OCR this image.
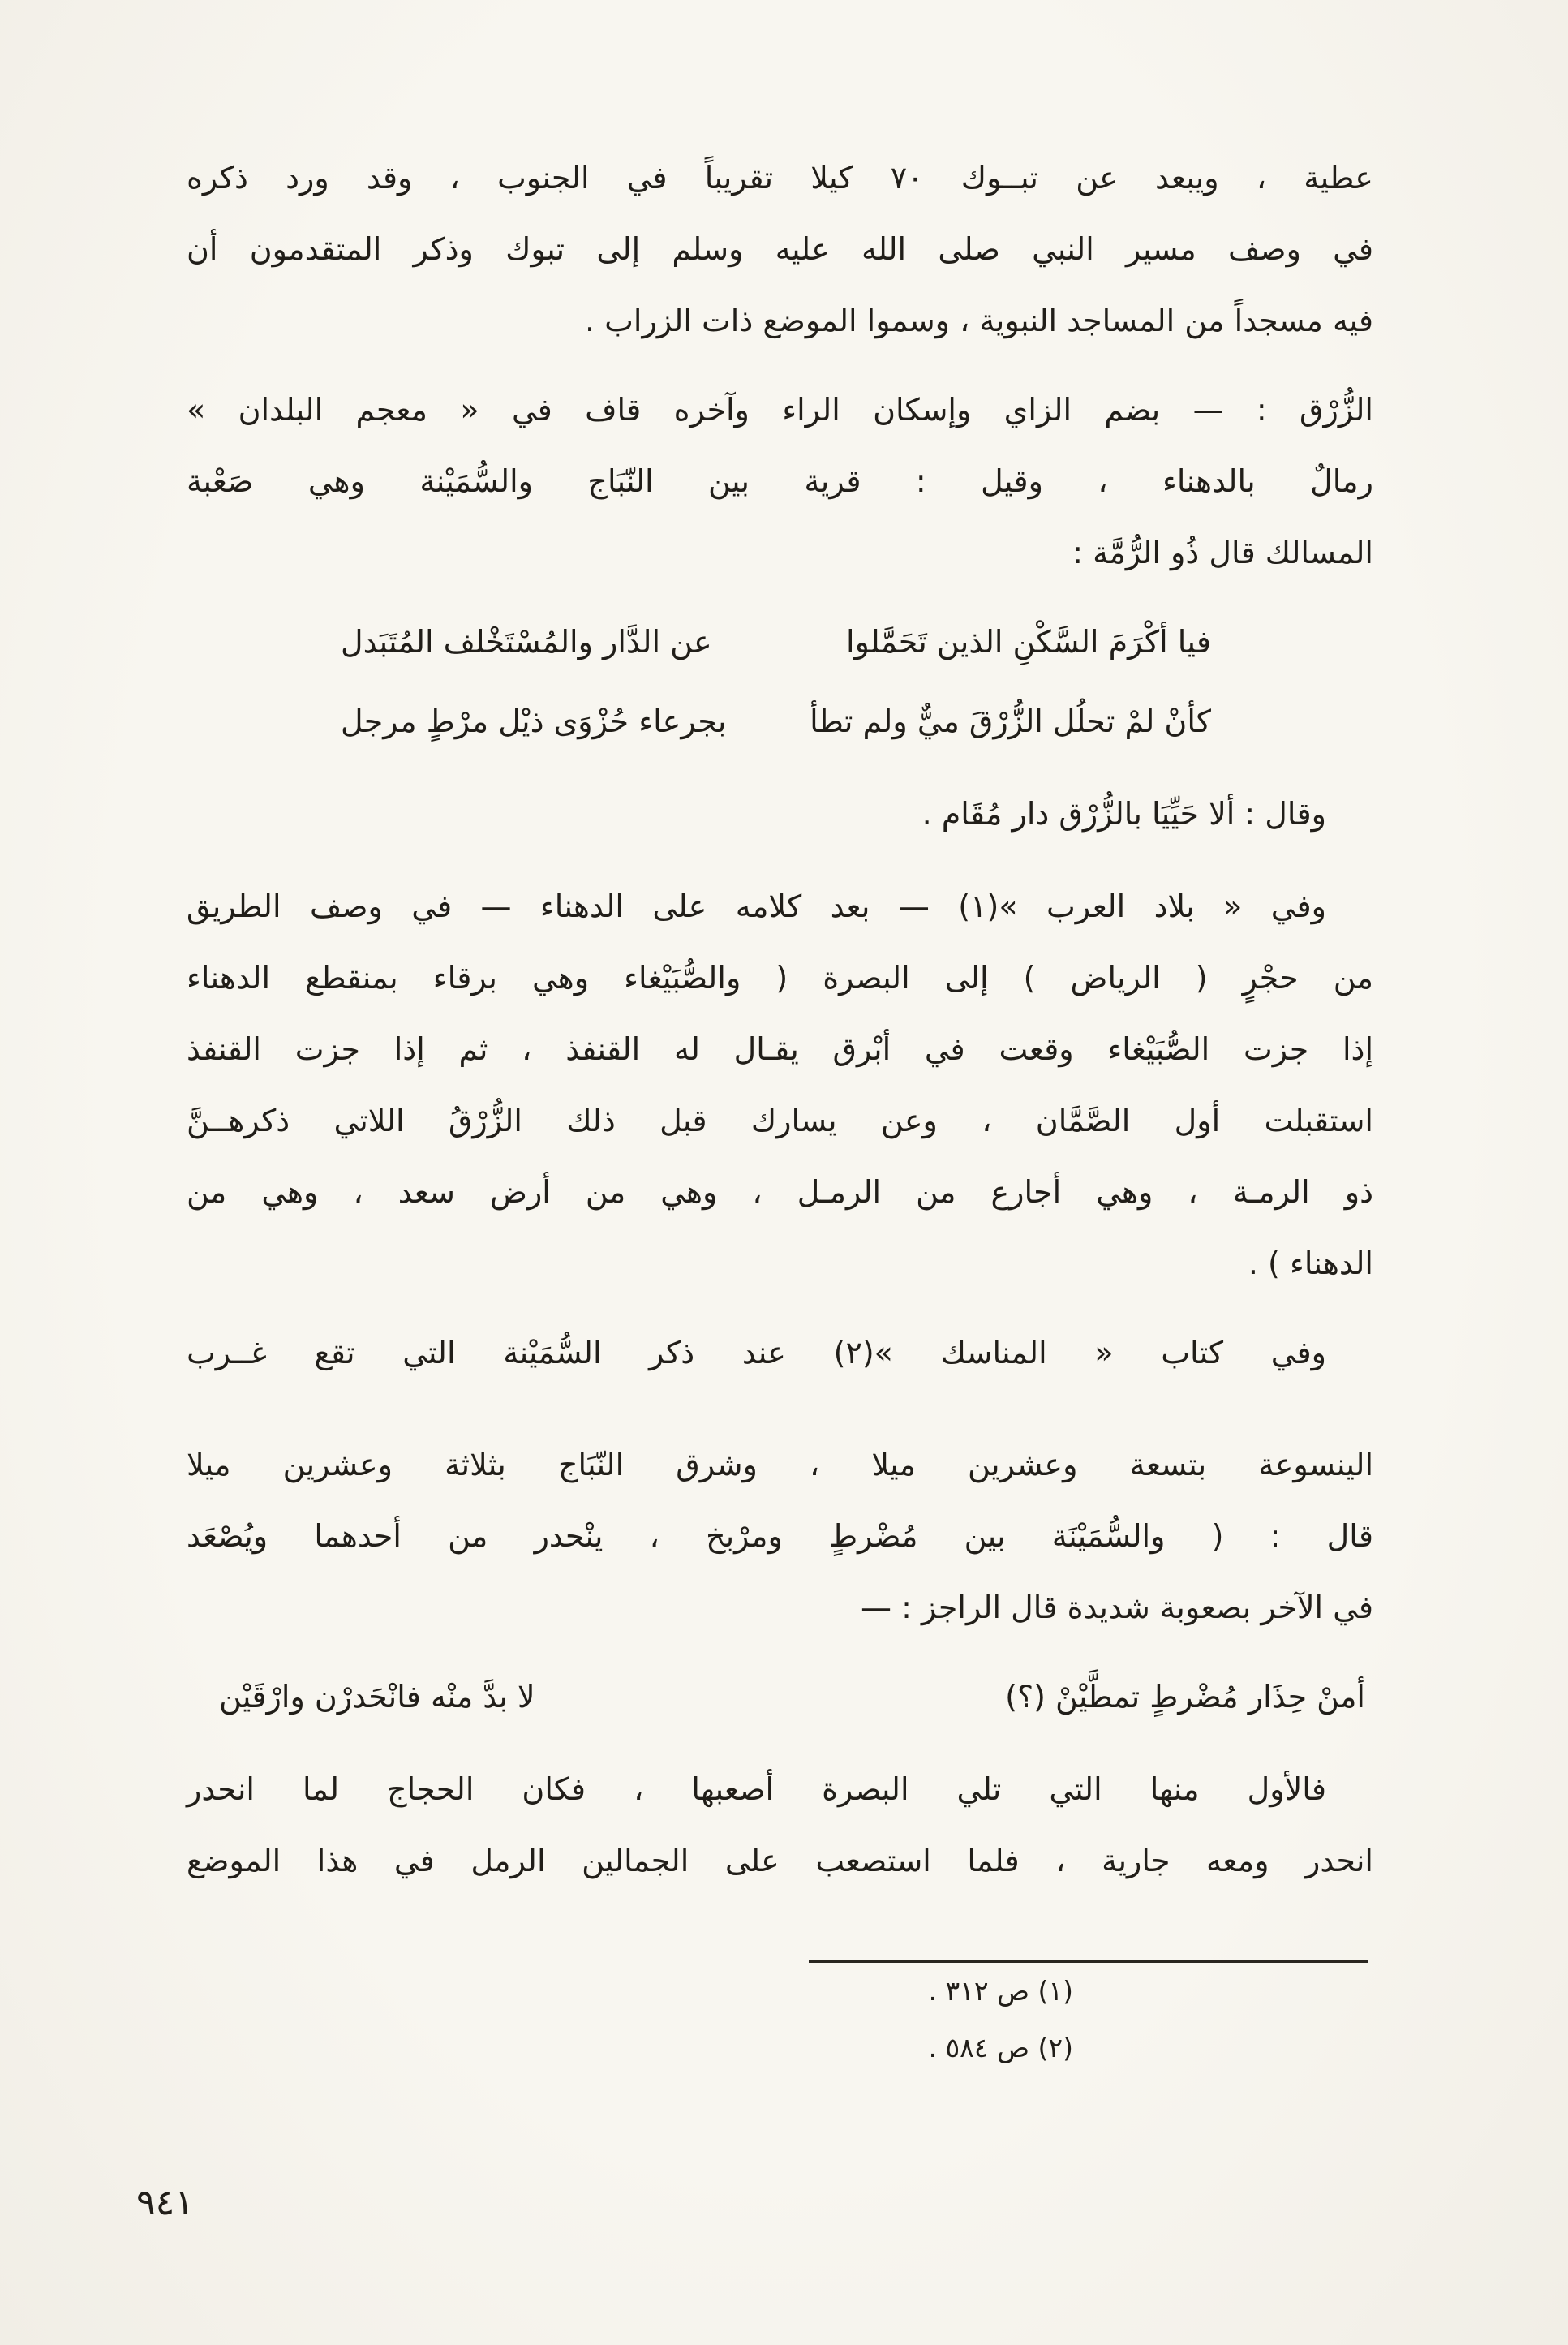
عطية ، ويبعد عن تبــوك ٧٠ كيلا تقريباً في الجنوب ، وقد ورد ذكره
في وصف مسير النبي صلى الله عليه وسلم إلى تبوك وذكر المتقدمون أن
فيه مسجداً من المساجد النبوية ، وسموا الموضع ذات الزراب .
الزُّرْق : — بضم الزاي وإسكان الراء وآخره قاف في « معجم البلدان »
رمالٌ بالدهناء ، وقيل : قرية بين النّبَاج والسُّمَيْنة وهي صَعْبة
المسالك قال ذُو الرُّمَّة :
فيا أكْرَمَ السَّكْنِ الذين تَحَمَّلوا
عن الدَّار والمُسْتَخْلف المُتَبَدل
كأنْ لمْ تحلُل الزُّرْقَ ميٌّ ولم تطأ
بجرعاء حُزْوَى ذيْل مرْطٍ مرجل
وقال : ألا حَيِّيَا بالزُّرْق دار مُقَام .
وفي « بلاد العرب »(١) — بعد كلامه على الدهناء — في وصف الطريق
من حجْرٍ ( الرياض ) إلى البصرة ( والصُّبَيْغاء وهي برقاء بمنقطع الدهناء
إذا جزت الصُّبَيْغاء وقعت في أبْرق يقـال له القنفذ ، ثم إذا جزت القنفذ
استقبلت أول الصَّمَّان ، وعن يسارك قبل ذلك الزُّرْقُ اللاتي ذكرهــنَّ
ذو الرمـة ، وهي أجارع من الرمـل ، وهي من أرض سعد ، وهي من
الدهناء ) .
وفي كتاب « المناسك »(٢) عند ذكر السُّمَيْنة التي تقع غــرب
الينسوعة بتسعة وعشرين ميلا ، وشرق النّبَاج بثلاثة وعشرين ميلا
قال : ( والسُّمَيْنَة بين مُضْرطٍ ومرْبخ ، ينْحدر من أحدهما ويُصْعَد
في الآخر بصعوبة شديدة قال الراجز : —
أمنْ حِذَار مُضْرطٍ تمطَّيْنْ (؟)
لا بدَّ منْه فانْحَدرْن وارْقَيْن
فالأول منها التي تلي البصرة أصعبها ، فكان الحجاج لما انحدر
انحدر ومعه جارية ، فلما استصعب على الجمالين الرمل في هذا الموضع
(١) ص ٣١٢ .
(٢) ص ٥٨٤ .
٩٤١
